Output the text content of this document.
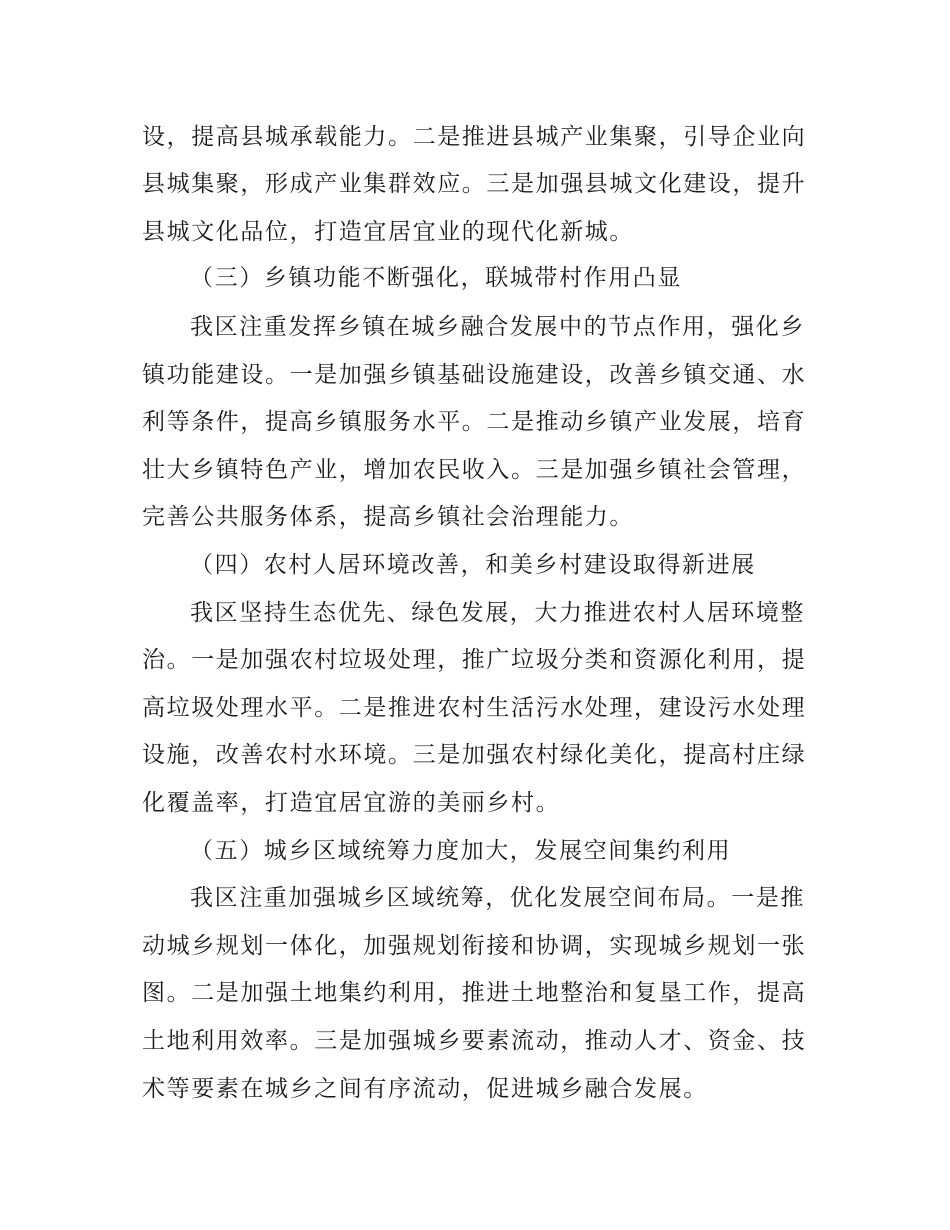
设，提高县城承载能力。二是推进县城产业集聚，引导企业向
县城集聚，形成产业集群效应。三是加强县城文化建设，提升
县城文化品位，打造宜居宜业的现代化新城。
（三）乡镇功能不断强化，联城带村作用凸显
我区注重发挥乡镇在城乡融合发展中的节点作用，强化乡
镇功能建设。一是加强乡镇基础设施建设，改善乡镇交通、水
利等条件，提高乡镇服务水平。二是推动乡镇产业发展，培育
壮大乡镇特色产业，增加农民收入。三是加强乡镇社会管理，
完善公共服务体系，提高乡镇社会治理能力。
（四）农村人居环境改善，和美乡村建设取得新进展
我区坚持生态优先、绿色发展，大力推进农村人居环境整
治。一是加强农村垃圾处理，推广垃圾分类和资源化利用，提
高垃圾处理水平。二是推进农村生活污水处理，建设污水处理
设施，改善农村水环境。三是加强农村绿化美化，提高村庄绿
化覆盖率，打造宜居宜游的美丽乡村。
（五）城乡区域统筹力度加大，发展空间集约利用
我区注重加强城乡区域统筹，优化发展空间布局。一是推
动城乡规划一体化，加强规划衔接和协调，实现城乡规划一张
图。二是加强土地集约利用，推进土地整治和复垦工作，提高
土地利用效率。三是加强城乡要素流动，推动人才、资金、技
术等要素在城乡之间有序流动，促进城乡融合发展。
